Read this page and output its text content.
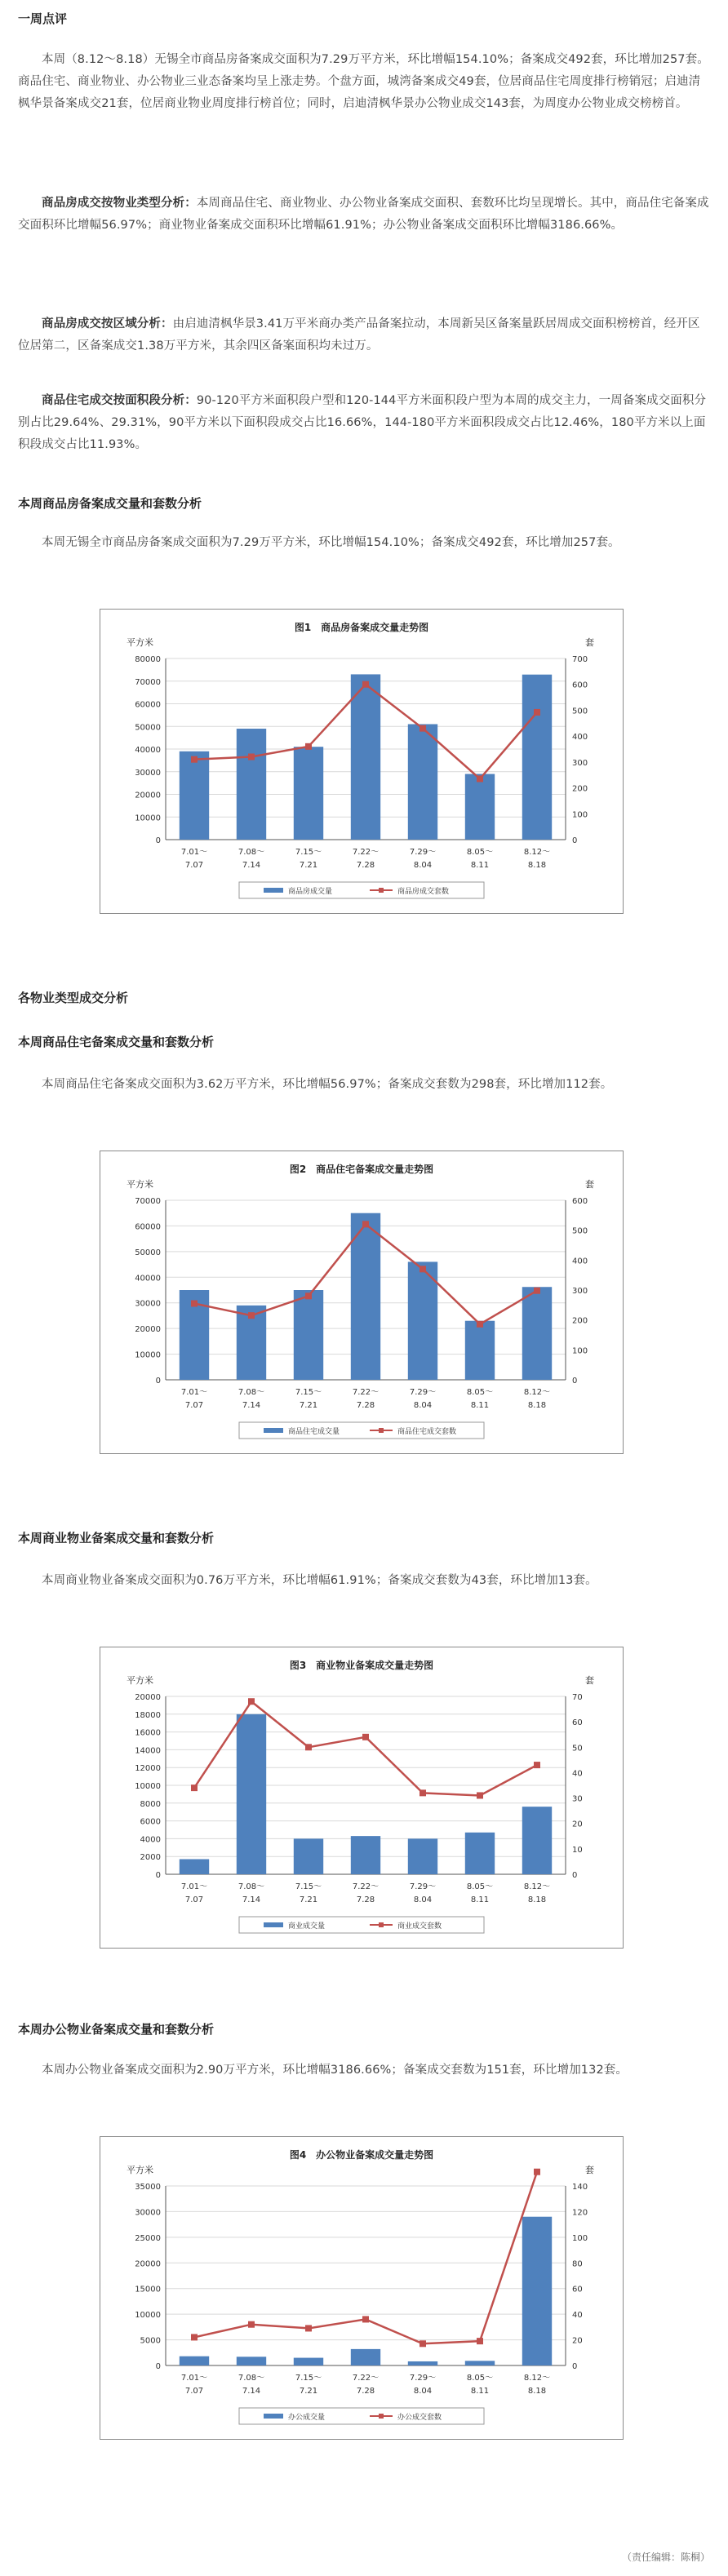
一周点评

本周（8.12～8.18）无锡全市商品房备案成交面积为7.29万平方米，环比增幅154.10%；备案成交492套，环比增加257套。商品住宅、商业物业、办公物业三业态备案均呈上涨走势。个盘方面，城湾备案成交49套，位居商品住宅周度排行榜销冠；启迪清枫华景备案成交21套，位居商业物业周度排行榜首位；同时，启迪清枫华景办公物业成交143套，为周度办公物业成交榜榜首。

商品房成交按物业类型分析：本周商品住宅、商业物业、办公物业备案成交面积、套数环比均呈现增长。其中，商品住宅备案成交面积环比增幅56.97%；商业物业备案成交面积环比增幅61.91%；办公物业备案成交面积环比增幅3186.66%。

商品房成交按区域分析：由启迪清枫华景3.41万平米商办类产品备案拉动，本周新吴区备案量跃居周成交面积榜榜首，经开区位居第二，区备案成交1.38万平方米，其余四区备案面积均未过万。

商品住宅成交按面积段分析：90-120平方米面积段户型和120-144平方米面积段户型为本周的成交主力，一周备案成交面积分别占比29.64%、29.31%，90平方米以下面积段成交占比16.66%，144-180平方米面积段成交占比12.46%，180平方米以上面积段成交占比11.93%。

本周商品房备案成交量和套数分析

本周无锡全市商品房备案成交面积为7.29万平方米，环比增幅154.10%；备案成交492套，环比增加257套。

图1　商品房备案成交量走势图
平方米	套
0
10000
20000
30000
40000
50000
60000
70000
80000
0
100
200
300
400
500
600
700
7.01～ 7.07
7.08～ 7.14
7.15～ 7.21
7.22～ 7.28
7.29～ 8.04
8.05～ 8.11
8.12～ 8.18
商品房成交量	商品房成交套数

各物业类型成交分析

本周商品住宅备案成交量和套数分析

本周商品住宅备案成交面积为3.62万平方米，环比增幅56.97%；备案成交套数为298套，环比增加112套。

图2　商品住宅备案成交量走势图
平方米	套
0
10000
20000
30000
40000
50000
60000
70000
0
100
200
300
400
500
600
7.01～ 7.07
7.08～ 7.14
7.15～ 7.21
7.22～ 7.28
7.29～ 8.04
8.05～ 8.11
8.12～ 8.18
商品住宅成交量	商品住宅成交套数

本周商业物业备案成交量和套数分析

本周商业物业备案成交面积为0.76万平方米，环比增幅61.91%；备案成交套数为43套，环比增加13套。

图3　商业物业备案成交量走势图
平方米	套
0
2000
4000
6000
8000
10000
12000
14000
16000
18000
20000
0
10
20
30
40
50
60
70
7.01～ 7.07
7.08～ 7.14
7.15～ 7.21
7.22～ 7.28
7.29～ 8.04
8.05～ 8.11
8.12～ 8.18
商业成交量	商业成交套数

本周办公物业备案成交量和套数分析

本周办公物业备案成交面积为2.90万平方米，环比增幅3186.66%；备案成交套数为151套，环比增加132套。

图4　办公物业备案成交量走势图
平方米	套
0
5000
10000
15000
20000
25000
30000
35000
0
20
40
60
80
100
120
140
7.01～ 7.07
7.08～ 7.14
7.15～ 7.21
7.22～ 7.28
7.29～ 8.04
8.05～ 8.11
8.12～ 8.18
办公成交量	办公成交套数
（责任编辑：陈桐）
